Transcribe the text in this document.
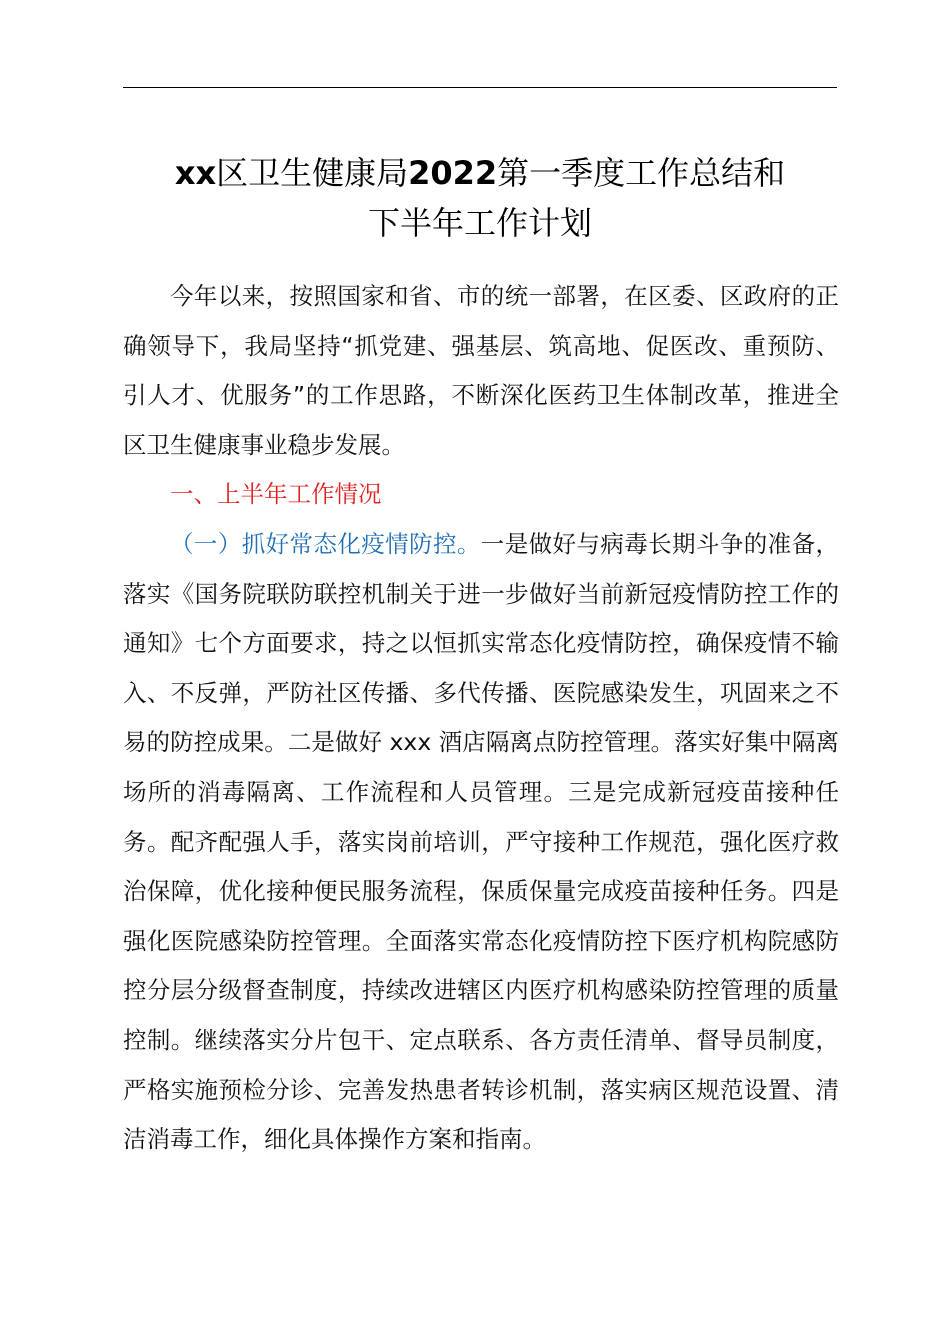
xx区卫生健康局2022第一季度工作总结和
下半年工作计划

今年以来，按照国家和省、市的统一部署，在区委、区政府的正确领导下，我局坚持“抓党建、强基层、筑高地、促医改、重预防、引人才、优服务”的工作思路，不断深化医药卫生体制改革，推进全区卫生健康事业稳步发展。

一、上半年工作情况

（一）抓好常态化疫情防控。一是做好与病毒长期斗争的准备，落实《国务院联防联控机制关于进一步做好当前新冠疫情防控工作的通知》七个方面要求，持之以恒抓实常态化疫情防控，确保疫情不输入、不反弹，严防社区传播、多代传播、医院感染发生，巩固来之不易的防控成果。二是做好 xxx 酒店隔离点防控管理。落实好集中隔离场所的消毒隔离、工作流程和人员管理。三是完成新冠疫苗接种任务。配齐配强人手，落实岗前培训，严守接种工作规范，强化医疗救治保障，优化接种便民服务流程，保质保量完成疫苗接种任务。四是强化医院感染防控管理。全面落实常态化疫情防控下医疗机构院感防控分层分级督查制度，持续改进辖区内医疗机构感染防控管理的质量控制。继续落实分片包干、定点联系、各方责任清单、督导员制度，严格实施预检分诊、完善发热患者转诊机制，落实病区规范设置、清洁消毒工作，细化具体操作方案和指南。
